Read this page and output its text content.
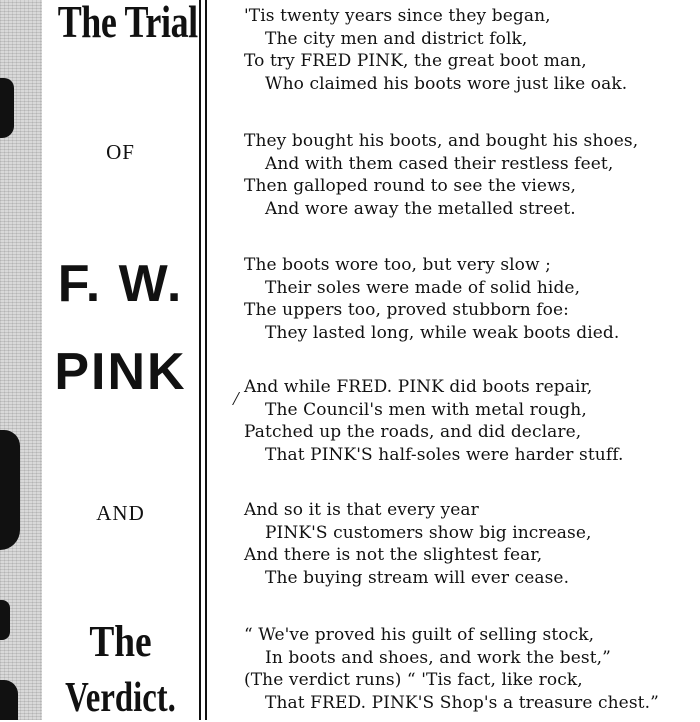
The Trial
OF
F. W.
PINK
AND
The
Verdict.
/
'Tis twenty years since they began,
The city men and district folk,
To try FRED PINK, the great boot man,
Who claimed his boots wore just like oak.
They bought his boots, and bought his shoes,
And with them cased their restless feet,
Then galloped round to see the views,
And wore away the metalled street.
The boots wore too, but very slow ;
Their soles were made of solid hide,
The uppers too, proved stubborn foe:
They lasted long, while weak boots died.
And while FRED. PINK did boots repair,
The Council's men with metal rough,
Patched up the roads, and did declare,
That PINK'S half-soles were harder stuff.
And so it is that every year
PINK'S customers show big increase,
And there is not the slightest fear,
The buying stream will ever cease.
“ We've proved his guilt of selling stock,
In boots and shoes, and work the best,”
(The verdict runs) “ 'Tis fact, like rock,
That FRED. PINK'S Shop's a treasure chest.”
